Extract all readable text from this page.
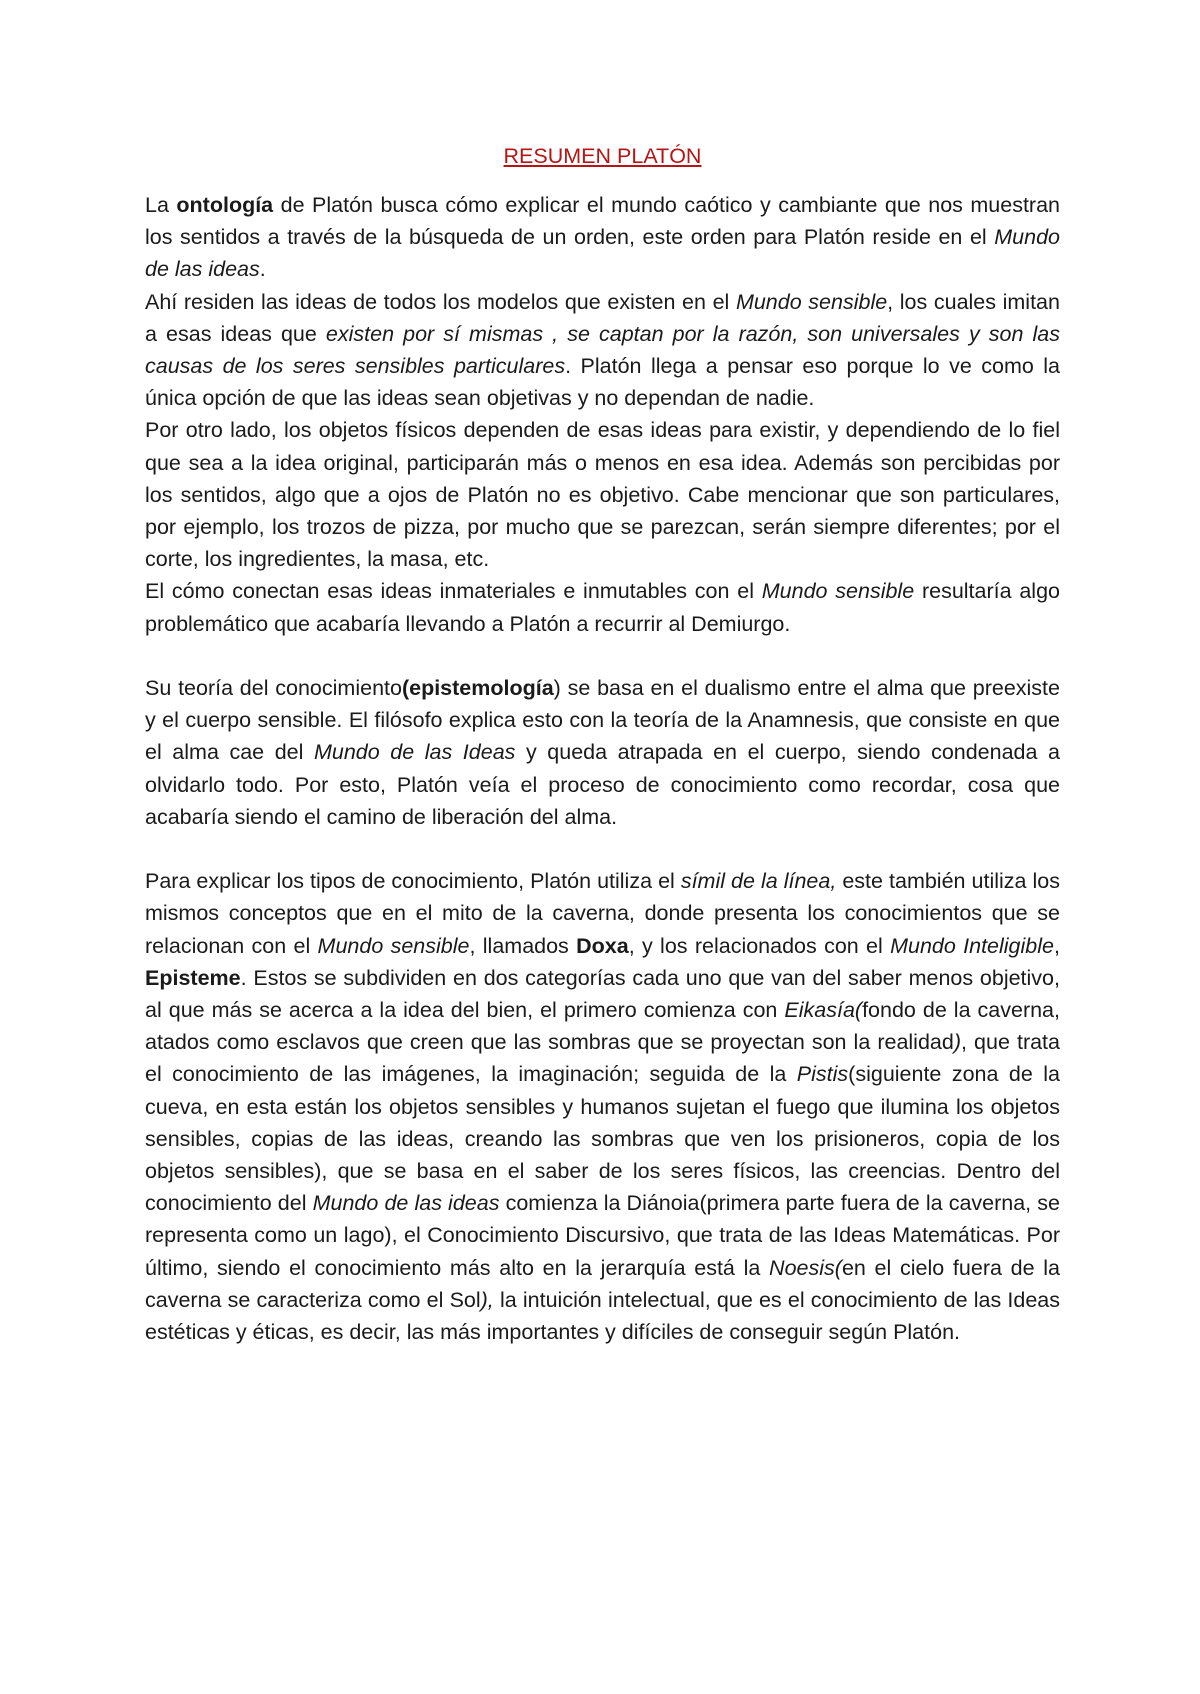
RESUMEN PLATÓN

La ontología de Platón busca cómo explicar el mundo caótico y cambiante que nos muestran los sentidos a través de la búsqueda de un orden, este orden para Platón reside en el Mundo de las ideas.

Ahí residen las ideas de todos los modelos que existen en el Mundo sensible, los cuales imitan a esas ideas que existen por sí mismas , se captan por la razón, son universales y son las causas de los seres sensibles particulares. Platón llega a pensar eso porque lo ve como la única opción de que las ideas sean objetivas y no dependan de nadie.

Por otro lado, los objetos físicos dependen de esas ideas para existir, y dependiendo de lo fiel que sea a la idea original, participarán más o menos en esa idea. Además son percibidas por los sentidos, algo que a ojos de Platón no es objetivo. Cabe mencionar que son particulares, por ejemplo, los trozos de pizza, por mucho que se parezcan, serán siempre diferentes; por el corte, los ingredientes, la masa, etc.

El cómo conectan esas ideas inmateriales e inmutables con el Mundo sensible resultaría algo problemático que acabaría llevando a Platón a recurrir al Demiurgo.

Su teoría del conocimiento(epistemología) se basa en el dualismo entre el alma que preexiste y el cuerpo sensible. El filósofo explica esto con la teoría de la Anamnesis, que consiste en que el alma cae del Mundo de las Ideas y queda atrapada en el cuerpo, siendo condenada a olvidarlo todo. Por esto, Platón veía el proceso de conocimiento como recordar, cosa que acabaría siendo el camino de liberación del alma.

Para explicar los tipos de conocimiento, Platón utiliza el símil de la línea, este también utiliza los mismos conceptos que en el mito de la caverna, donde presenta los conocimientos que se relacionan con el Mundo sensible, llamados Doxa, y los relacionados con el Mundo Inteligible, Episteme. Estos se subdividen en dos categorías cada uno que van del saber menos objetivo, al que más se acerca a la idea del bien, el primero comienza con Eikasía(fondo de la caverna, atados como esclavos que creen que las sombras que se proyectan son la realidad), que trata el conocimiento de las imágenes, la imaginación; seguida de la Pistis(siguiente zona de la cueva, en esta están los objetos sensibles y humanos sujetan el fuego que ilumina los objetos sensibles, copias de las ideas, creando las sombras que ven los prisioneros, copia de los objetos sensibles), que se basa en el saber de los seres físicos, las creencias. Dentro del conocimiento del Mundo de las ideas comienza la Diánoia(primera parte fuera de la caverna, se representa como un lago), el Conocimiento Discursivo, que trata de las Ideas Matemáticas. Por último, siendo el conocimiento más alto en la jerarquía está la Noesis(en el cielo fuera de la caverna se caracteriza como el Sol), la intuición intelectual, que es el conocimiento de las Ideas estéticas y éticas, es decir, las más importantes y difíciles de conseguir según Platón.
